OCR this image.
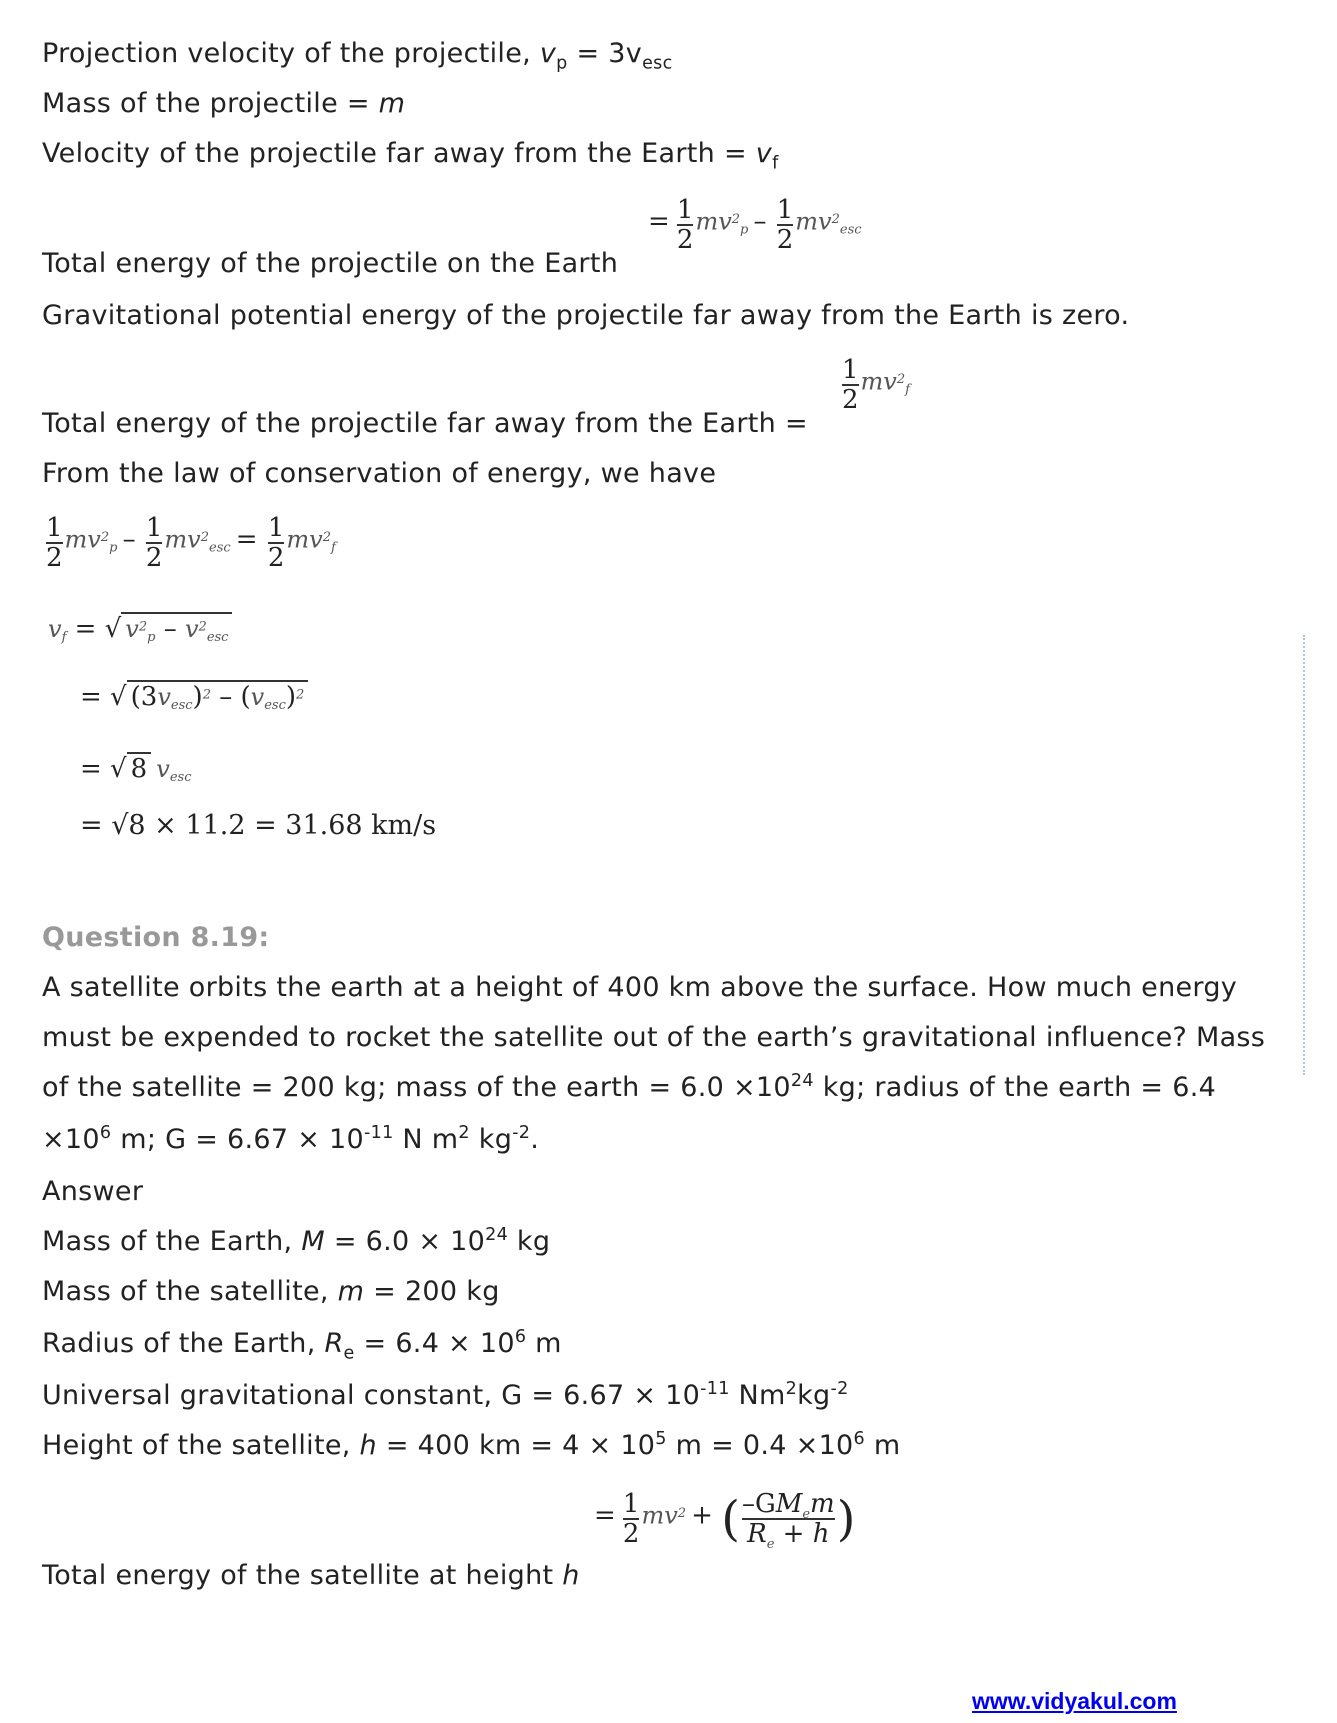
Projection velocity of the projectile, $v_p = 3v_{esc}$
Mass of the projectile = m
Velocity of the projectile far away from the Earth = $v_f$
= $\frac{1}{2} mv^2_p - \frac{1}{2} mv^2_{esc}$
Total energy of the projectile on the Earth
Gravitational potential energy of the projectile far away from the Earth is zero.
$\frac{1}{2} mv^2_f$
Total energy of the projectile far away from the Earth =
From the law of conservation of energy, we have
$\frac{1}{2} mv^2_p - \frac{1}{2} mv^2_{esc} = \frac{1}{2} mv^2_f$
$v_f$ = √ $v^2_p - v^2_{esc}$
= √ $(3v_{esc})^2 - (v_{esc})^2$
= √ 8 $v_{esc}$
= √8 × 11.2 = 31.68 km/s
Question 8.19:
A satellite orbits the earth at a height of 400 km above the surface. How much energy
must be expended to rocket the satellite out of the earth’s gravitational influence? Mass
of the satellite = 200 kg; mass of the earth = $6.0 \times 10^{24}$ kg; radius of the earth = 6.4
$\times 10^6$ m; $G = 6.67 \times 10^{-11}$ N $m^2$ $kg^{-2}$.
Answer
Mass of the Earth, $M = 6.0 \times 10^{24}$ kg
Mass of the satellite, m = 200 kg
Radius of the Earth, $R_e = 6.4 \times 10^6$ m
Universal gravitational constant, $G = 6.67 \times 10^{-11}$ $Nm^2kg^{-2}$
Height of the satellite, h = 400 km = $4 \times 10^5$ $m = 0.4 \times 10^6$ m
= $\frac{1}{2} mv^2$ + ( $\frac{-GM_em}{R_e + h}$ )
Total energy of the satellite at height h
www.vidyakul.com
